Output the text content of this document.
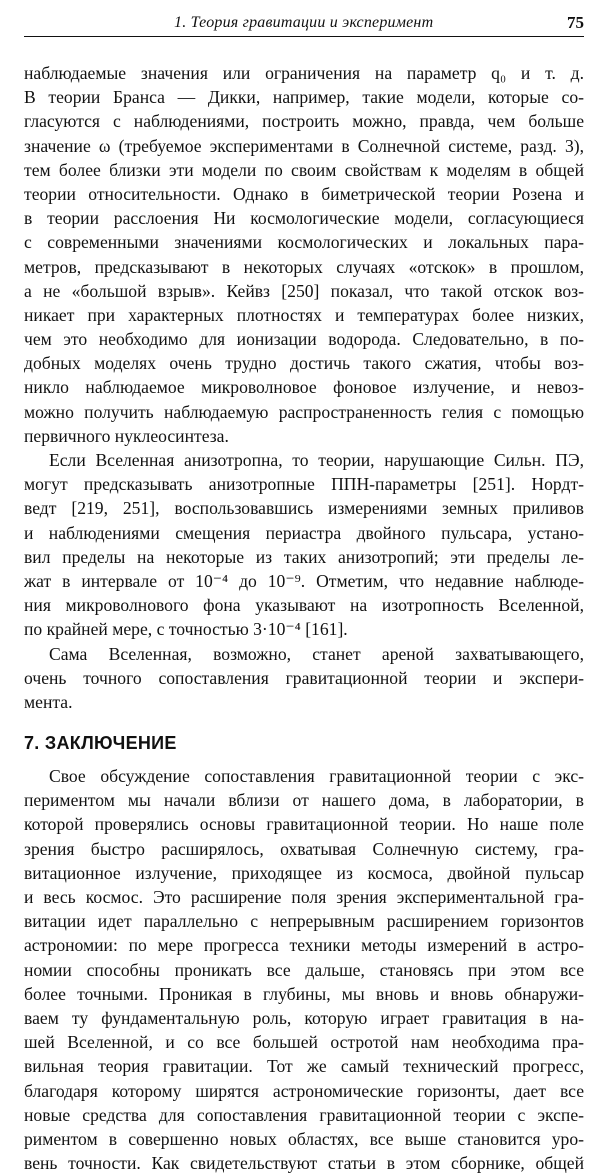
1. Теория гравитации и эксперимент	75
наблюдаемые значения или ограничения на параметр q₀ и т. д.
В теории Бранса — Дикки, например, такие модели, которые со-
гласуются с наблюдениями, построить можно, правда, чем больше
значение ω (требуемое экспериментами в Солнечной системе, разд. 3),
тем более близки эти модели по своим свойствам к моделям в общей
теории относительности. Однако в биметрической теории Розена и
в теории расслоения Ни космологические модели, согласующиеся
с современными значениями космологических и локальных пара-
метров, предсказывают в некоторых случаях «отскок» в прошлом,
а не «большой взрыв». Кейвз [250] показал, что такой отскок воз-
никает при характерных плотностях и температурах более низких,
чем это необходимо для ионизации водорода. Следовательно, в по-
добных моделях очень трудно достичь такого сжатия, чтобы воз-
никло наблюдаемое микроволновое фоновое излучение, и невоз-
можно получить наблюдаемую распространенность гелия с помощью
первичного нуклеосинтеза.
Если Вселенная анизотропна, то теории, нарушающие Сильн. ПЭ,
могут предсказывать анизотропные ППН-параметры [251]. Нордт-
ведт [219, 251], воспользовавшись измерениями земных приливов
и наблюдениями смещения периастра двойного пульсара, устано-
вил пределы на некоторые из таких анизотропий; эти пределы ле-
жат в интервале от 10⁻⁴ до 10⁻⁹. Отметим, что недавние наблюде-
ния микроволнового фона указывают на изотропность Вселенной,
по крайней мере, с точностью 3·10⁻⁴ [161].
Сама Вселенная, возможно, станет ареной захватывающего,
очень точного сопоставления гравитационной теории и экспери-
мента.
7. ЗАКЛЮЧЕНИЕ
Свое обсуждение сопоставления гравитационной теории с экс-
периментом мы начали вблизи от нашего дома, в лаборатории, в
которой проверялись основы гравитационной теории. Но наше поле
зрения быстро расширялось, охватывая Солнечную систему, гра-
витационное излучение, приходящее из космоса, двойной пульсар
и весь космос. Это расширение поля зрения экспериментальной гра-
витации идет параллельно с непрерывным расширением горизонтов
астрономии: по мере прогресса техники методы измерений в астро-
номии способны проникать все дальше, становясь при этом все
более точными. Проникая в глубины, мы вновь и вновь обнаружи-
ваем ту фундаментальную роль, которую играет гравитация в на-
шей Вселенной, и со все большей остротой нам необходима пра-
вильная теория гравитации. Тот же самый технический прогресс,
благодаря которому ширятся астрономические горизонты, дает все
новые средства для сопоставления гравитационной теории с экспе-
риментом в совершенно новых областях, все выше становится уро-
вень точности. Как свидетельствуют статьи в этом сборнике, общей
